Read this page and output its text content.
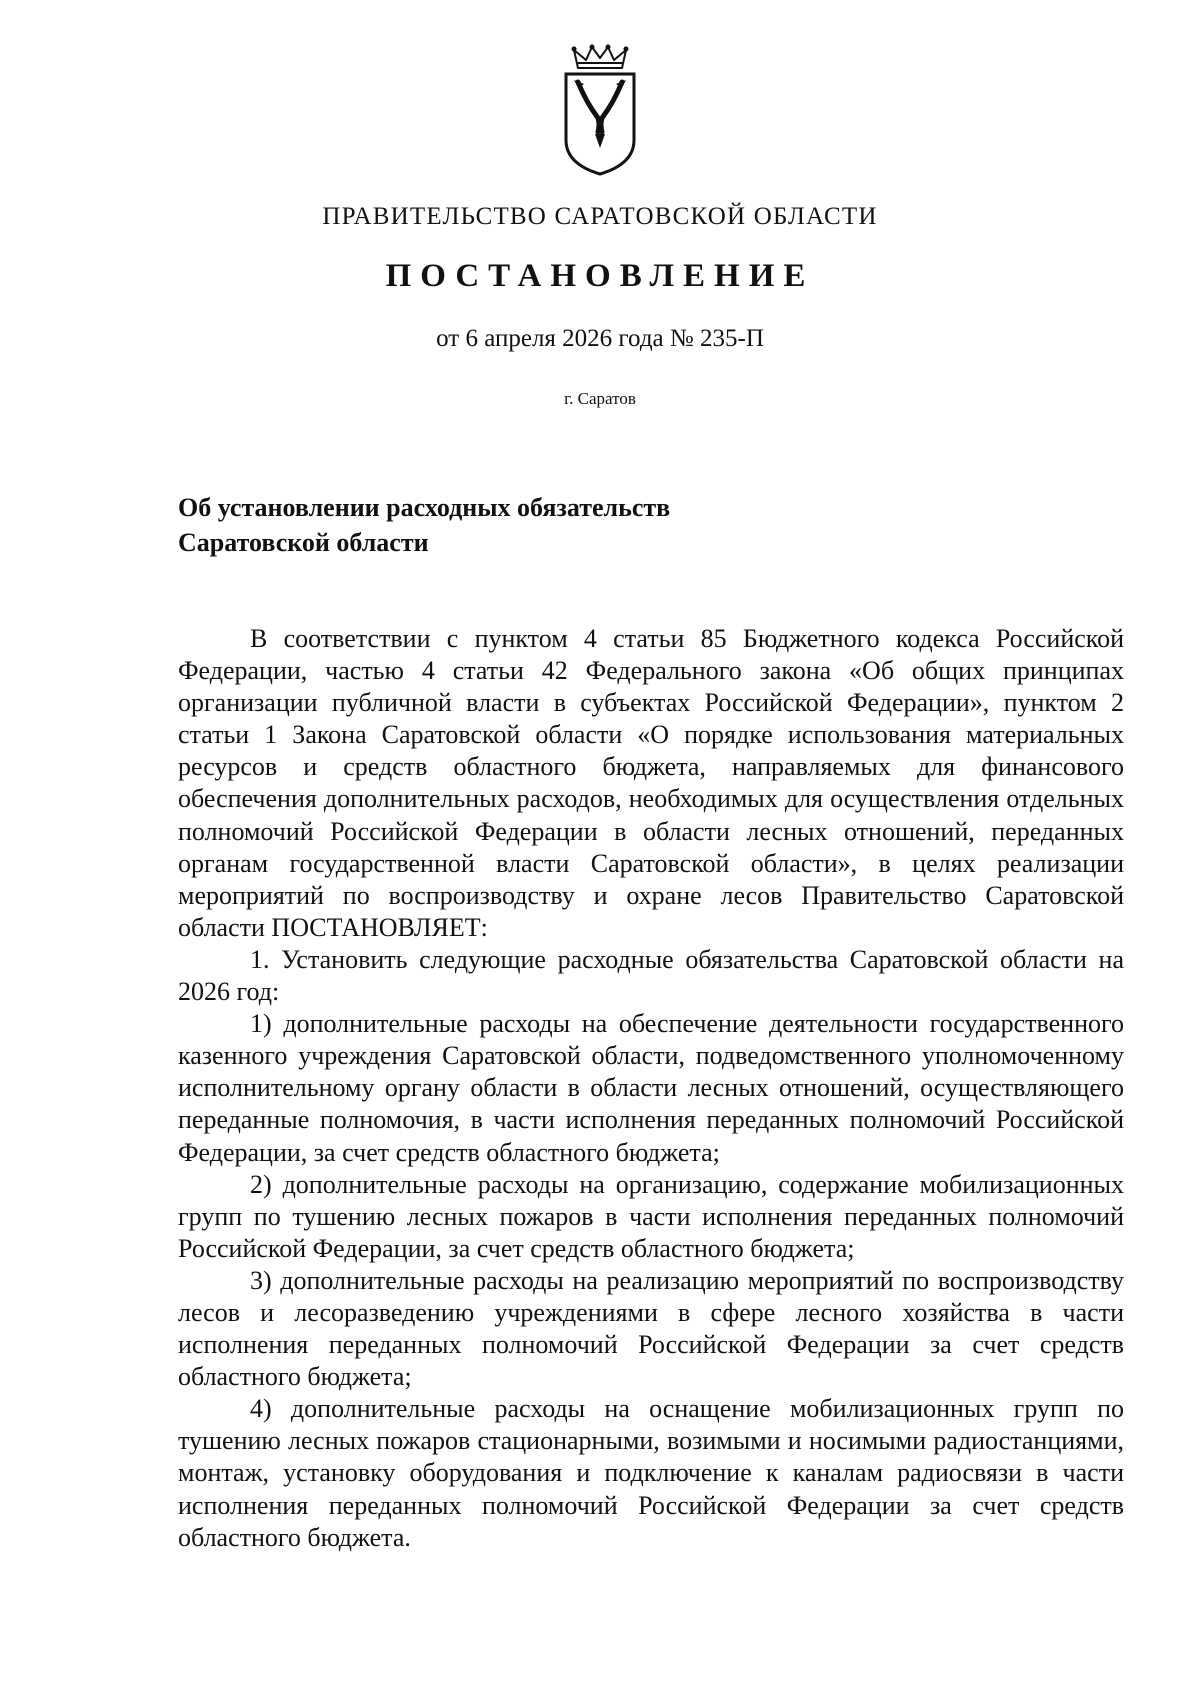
ПРАВИТЕЛЬСТВО САРАТОВСКОЙ ОБЛАСТИ
ПОСТАНОВЛЕНИЕ
от 6 апреля 2026 года № 235-П
г. Саратов
Об установлении расходных обязательств
Саратовской области

В соответствии с пунктом 4 статьи 85 Бюджетного кодекса Российской Федерации, частью 4 статьи 42 Федерального закона «Об общих принципах организации публичной власти в субъектах Российской Федерации», пунктом 2 статьи 1 Закона Саратовской области «О порядке использования материальных ресурсов и средств областного бюджета, направляемых для финансового обеспечения дополнительных расходов, необходимых для осуществления отдельных полномочий Российской Федерации в области лесных отношений, переданных органам государственной власти Саратовской области», в целях реализации мероприятий по воспроизводству и охране лесов Правительство Саратовской области ПОСТАНОВЛЯЕТ:

1. Установить следующие расходные обязательства Саратовской области на 2026 год:

1) дополнительные расходы на обеспечение деятельности государственного казенного учреждения Саратовской области, подведомственного уполномоченному исполнительному органу области в области лесных отношений, осуществляющего переданные полномочия, в части исполнения переданных полномочий Российской Федерации, за счет средств областного бюджета;

2) дополнительные расходы на организацию, содержание мобилизационных групп по тушению лесных пожаров в части исполнения переданных полномочий Российской Федерации, за счет средств областного бюджета;

3) дополнительные расходы на реализацию мероприятий по воспроизводству лесов и лесоразведению учреждениями в сфере лесного хозяйства в части исполнения переданных полномочий Российской Федерации за счет средств областного бюджета;

4) дополнительные расходы на оснащение мобилизационных групп по тушению лесных пожаров стационарными, возимыми и носимыми радиостанциями, монтаж, установку оборудования и подключение к каналам радиосвязи в части исполнения переданных полномочий Российской Федерации за счет средств областного бюджета.
